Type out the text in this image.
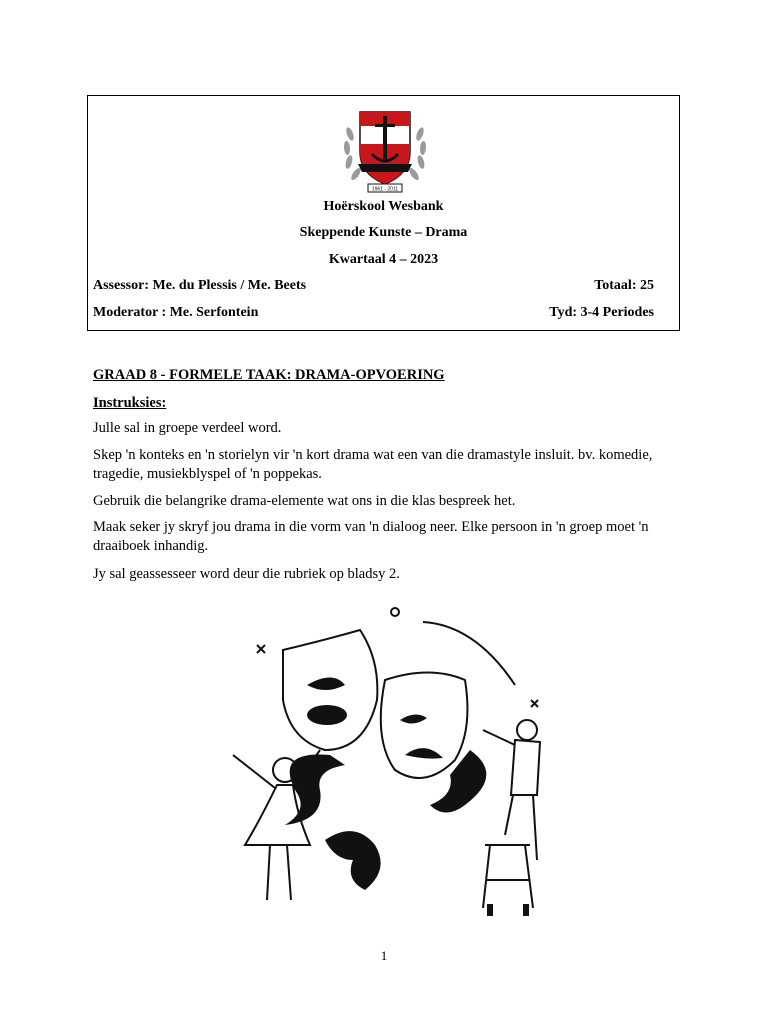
1961 - 2011
Hoërskool Wesbank
Skeppende Kunste – Drama
Kwartaal 4 – 2023
Assessor: Me. du Plessis / Me. Beets	Totaal: 25
Moderator : Me. Serfontein	Tyd: 3-4 Periodes
GRAAD 8 - FORMELE TAAK: DRAMA-OPVOERING
Instruksies:
Julle sal in groepe verdeel word.
Skep 'n konteks en 'n storielyn vir 'n kort drama wat een van die dramastyle insluit. bv. komedie, tragedie, musiekblyspel of 'n poppekas.
Gebruik die belangrike drama-elemente wat ons in die klas bespreek het.
Maak seker jy skryf jou drama in die vorm van 'n dialoog neer. Elke persoon in 'n groep moet 'n draaiboek inhandig.
Jy sal geassesseer word deur die rubriek op bladsy 2.
1
